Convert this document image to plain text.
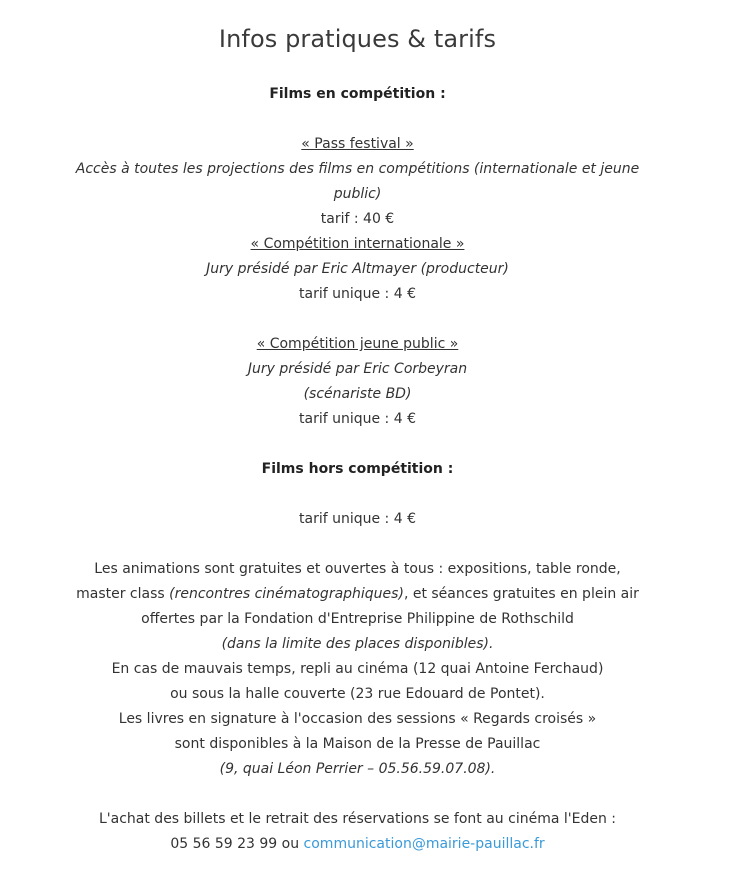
Infos pratiques & tarifs
Films en compétition :
« Pass festival »
Accès à toutes les projections des films en compétitions (internationale et jeune
public)
tarif : 40 €
« Compétition internationale »
Jury présidé par Eric Altmayer (producteur)
tarif unique : 4 €
« Compétition jeune public »
Jury présidé par Eric Corbeyran
(scénariste BD)
tarif unique : 4 €
Films hors compétition :
tarif unique : 4 €
Les animations sont gratuites et ouvertes à tous : expositions, table ronde,
master class (rencontres cinématographiques), et séances gratuites en plein air
offertes par la Fondation d'Entreprise Philippine de Rothschild
(dans la limite des places disponibles).
En cas de mauvais temps, repli au cinéma (12 quai Antoine Ferchaud)
ou sous la halle couverte (23 rue Edouard de Pontet).
Les livres en signature à l'occasion des sessions « Regards croisés »
sont disponibles à la Maison de la Presse de Pauillac
(9, quai Léon Perrier – 05.56.59.07.08).
L'achat des billets et le retrait des réservations se font au cinéma l'Eden :
05 56 59 23 99 ou communication@mairie-pauillac.fr
